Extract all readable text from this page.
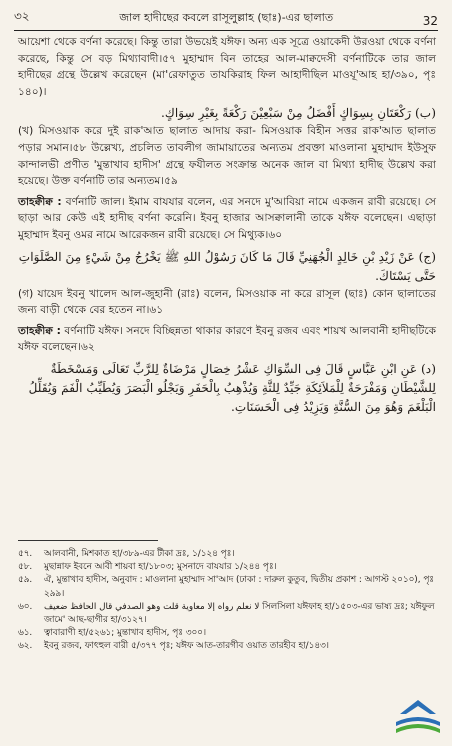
৩২	জাল হাদীছের কবলে রাসূলুল্লাহ (ছাঃ)-এর ছালাত	32

আয়েশা থেকে বর্ণনা করেছে। কিন্তু তারা উভয়েই যঈফ। অন্য এক সূত্রে ওয়াকেদী উরওয়া থেকে বর্ণনা করেছে, কিন্তু সে বড় মিথ্যাবাদী।৫৭ মুহাম্মাদ বিন তাহের আল-মাক্বদেসী বর্ণনাটিকে তার জাল হাদীছের গ্রন্থে উল্লেখ করেছেন (মা'রেফাতুত তাযকিরাহ ফিল আহাদীছিল মাওযূ'আহ হা/৩৯০, পৃঃ ১৪০)।

(ب) رَكْعَتَانِ بِسِوَاكٍ أَفْضَلُ مِنْ سَبْعِيْنَ رَكْعَةً بِغَيْرِ سِوَاكٍ.

(খ) মিসওয়াক করে দুই রাক'আত ছালাত আদায় করা- মিসওয়াক বিহীন সত্তর রাক'আত ছালাত পড়ার সমান।৫৮ উল্লেখ্য, প্রচলিত তাবলীগ জামায়াতের অন্যতম প্রবক্তা মাওলানা মুহাম্মাদ ইউসুফ কান্দালভী প্রণীত 'মুন্তাখাব হাদীস' গ্রন্থে ফযীলত সংক্রান্ত অনেক জাল বা মিথ্যা হাদীছ উল্লেখ করা হয়েছে। উক্ত বর্ণনাটি তার অন্যতম।৫৯

তাহক্বীক্ব : বর্ণনাটি জাল। ইমাম বাযযার বলেন, এর সনদে মু'আবিয়া নামে একজন রাবী রয়েছে। সে ছাড়া আর কেউ এই হাদীছ বর্ণনা করেনি। ইবনু হাজার আসক্বালানী তাকে যঈফ বলেছেন। এছাড়া মুহাম্মাদ ইবনু ওমর নামে আরেকজন রাবী রয়েছে। সে মিথ্যুক।৬০

(ج) عَنْ زَيْدِ بْنِ خَالِدٍ الْجُهَنِيِّ قَالَ مَا كَانَ رَسُوْلُ اللهِ ﷺ يَخْرُجُ مِنْ شَيْءٍ مِنَ الصَّلَوَاتِ حَتَّى يَسْتَاكَ.

(গ) যায়েদ ইবনু খালেদ আল-জুহানী (রাঃ) বলেন, মিসওয়াক না করে রাসূল (ছাঃ) কোন ছালাতের জন্য বাড়ী থেকে বের হতেন না।৬১

তাহক্বীক্ব : বর্ণনাটি যঈফ। সনদে বিচ্ছিন্নতা থাকার কারণে ইবনু রজব এবং শায়খ আলবানী হাদীছটিকে যঈফ বলেছেন।৬২

(د) عَنِ ابْنِ عَبَّاسٍ قَالَ فِى السِّوَاكِ عَشْرُ خِصَالٍ مَرْضَاةٌ لِلرَّبِّ تَعَالَى وَمَسْخَطَةٌ لِلشَّيْطَانِ وَمَفْرَحَةٌ لِلْمَلاَئِكَةِ جَيِّدٌ لِلثَّةِ وَيُذْهِبُ بِالْحَفَرِ وَيَجْلُو الْبَصَرَ وَيُطَيِّبُ الْفَمَ وَيُقَلِّلُ الْبَلْغَمَ وَهُوَ مِنَ السُّنَّةِ وَيَزِيْدُ فِى الْحَسَنَاتِ.

৫৭.	আলবানী, মিশকাত হা/৩৮৯-এর টীকা দ্রঃ, ১/১২৪ পৃঃ।
৫৮.	মুছান্নাফ ইবনে আবী শায়বা হা/১৮০৩; মুসনাদে বাযযার ১/২৪৪ পৃঃ।
৫৯.	ঐ, মুন্তাখাব হাদীস, অনুবাদ : মাওলানা মুহাম্মাদ সা'আদ (ঢাকা : দারুল কুতুব, দ্বিতীয় প্রকাশ : আগস্ট ২০১০), পৃঃ ২৯৯।
৬০.	لا نعلم رواه إلا معاوية قلت وهو الصدفي قال الحافظ ضعيف সিলসিলা যঈফাহ হা/১৫০৩-এর ভাষ্য দ্রঃ; যঈফুল জামে' আছ-ছাগীর হা/৩১২৭।
৬১.	ত্বাবারাণী হা/৫২৬১; মুন্তাখাব হাদীস, পৃঃ ৩০০।
৬২.	ইবনু রজব, ফাৎহুল বারী ৫/৩৭৭ পৃঃ; যঈফ আত-তারগীব ওয়াত তারহীব হা/১৪৩।
